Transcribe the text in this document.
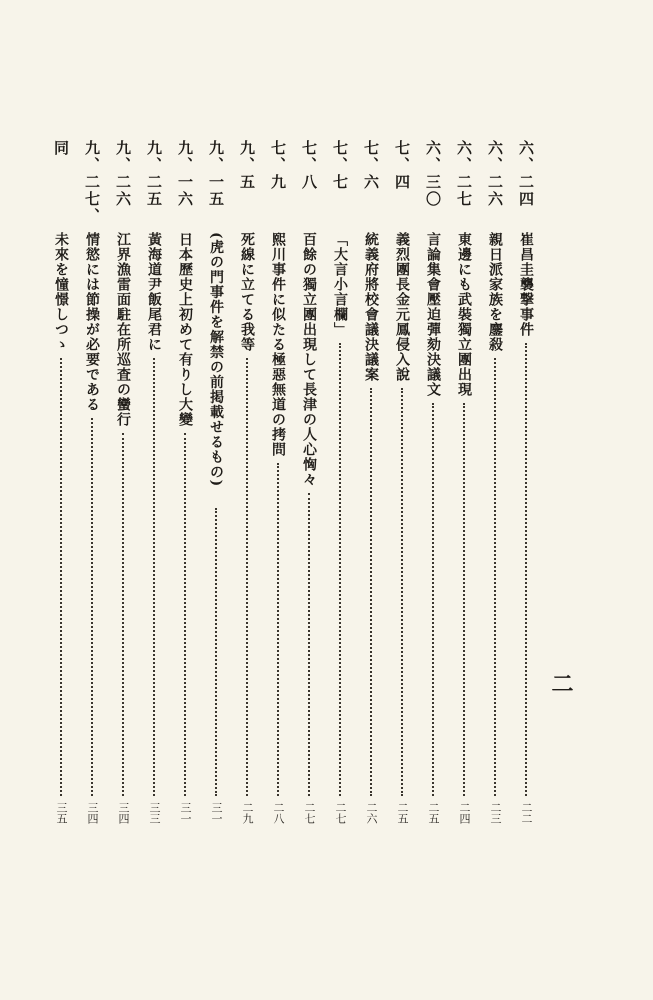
六、二四
崔昌圭襲撃事件
二二
六、二六
親日派家族を鏖殺
二三
六、二七
東邊にも武裝獨立團出現
二四
六、三〇
言論集會壓迫彈劾決議文
二五
七、四
義烈團長金元鳳侵入說
二五
七、六
統義府將校會議決議案
二六
七、七
「大言小言欄」
二七
七、八
百餘の獨立團出現して長津の人心恟々
二七
七、九
熙川事件に似たる極惡無道の拷問
二八
九、五
死線に立てる我等
二九
九、一五
(虎の門事件を解禁の前掲載せるもの)
三一
九、一六
日本歷史上初めて有りし大變
三一
九、二五
黃海道尹飯尾君に
三三
九、二六
江界漁雷面駐在所巡査の蠻行
三四
九、二七、
情慾には節操が必要である
三四
同
未來を憧憬しつゝ
三五
二
